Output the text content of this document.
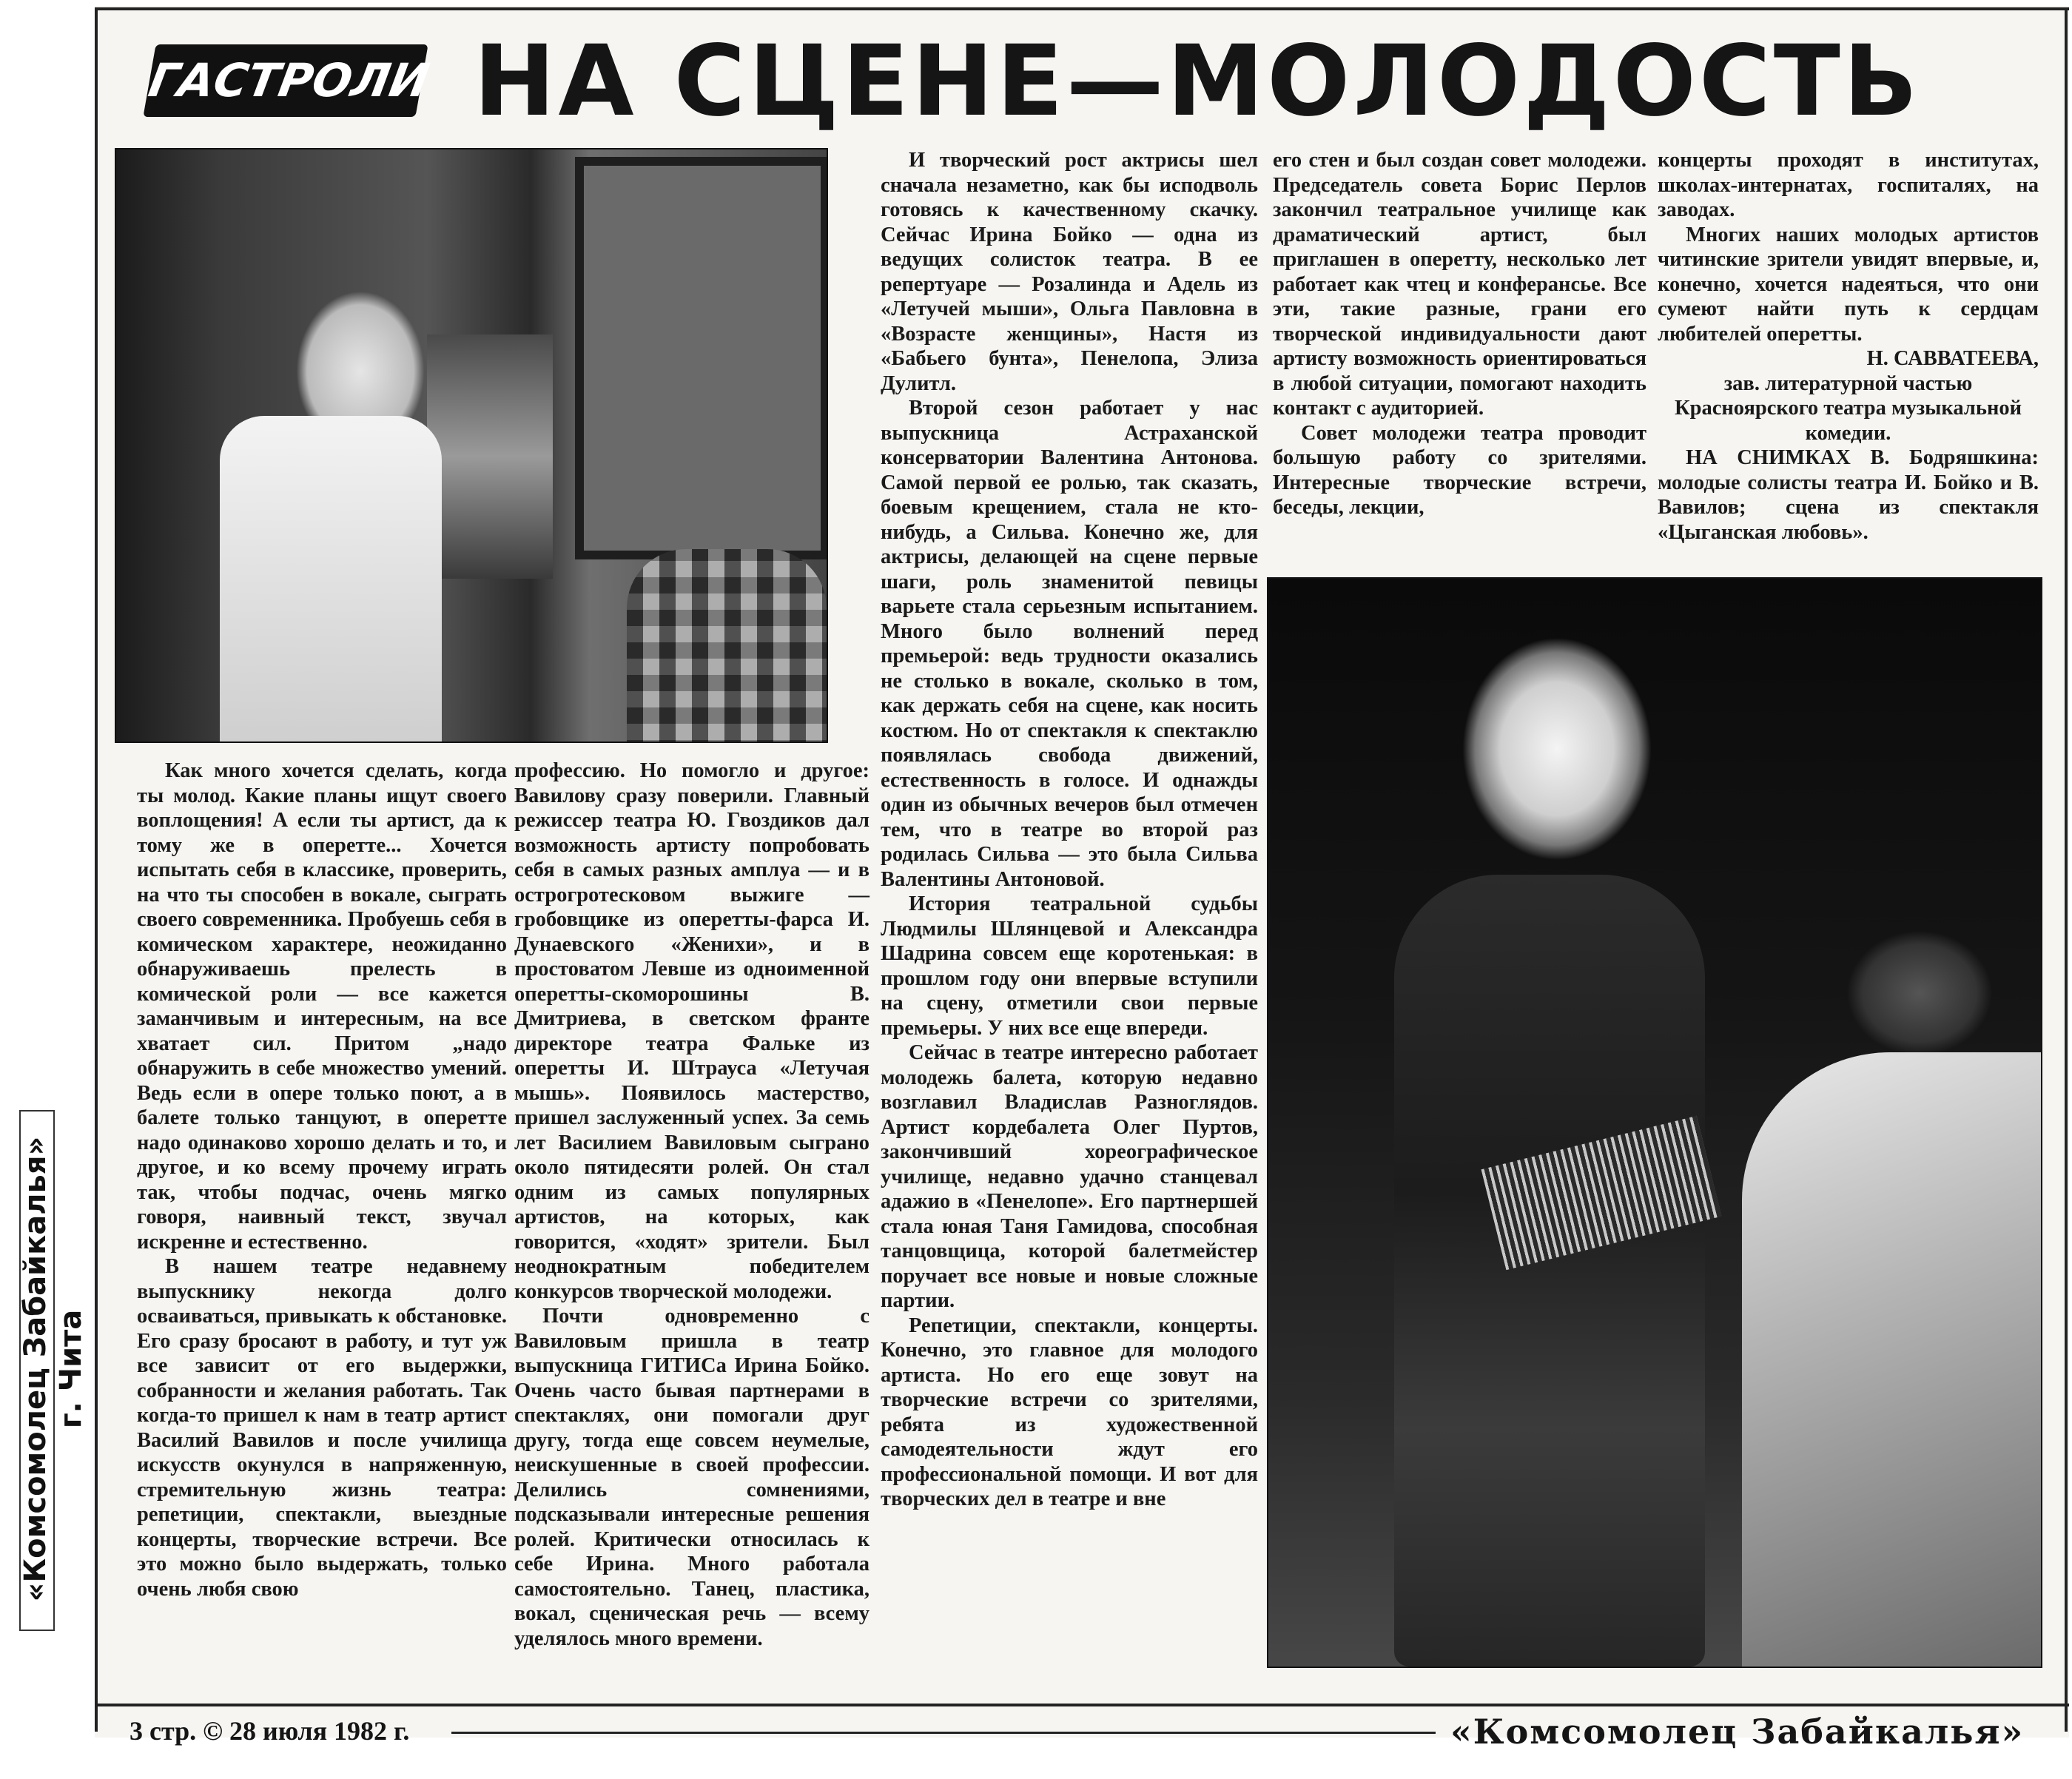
ГАСТРОЛИ НА СЦЕНЕ—МОЛОДОСТЬ

Как много хочется сделать, когда ты молод. Какие планы ищут своего воплощения! А если ты артист, да к тому же в оперетте... Хочется испытать себя в классике, проверить, на что ты способен в вокале, сыграть своего современника. Пробуешь себя в комическом характере, неожиданно обнаруживаешь прелесть в комической роли — все кажется заманчивым и интересным, на все хватает сил. Притом „надо обнаружить в себе множество умений. Ведь если в опере только поют, а в балете только танцуют, в оперетте надо одинаково хорошо делать и то, и другое, и ко всему прочему играть так, чтобы подчас, очень мягко говоря, наивный текст, звучал искренне и естественно.

В нашем театре недавнему выпускнику некогда долго осваиваться, привыкать к обстановке. Его сразу бросают в работу, и тут уж все зависит от его выдержки, собранности и желания работать. Так когда-то пришел к нам в театр артист Василий Вавилов и после училища искусств окунулся в напряженную, стремительную жизнь театра: репетиции, спектакли, выездные концерты, творческие встречи. Все это можно было выдержать, только очень любя свою

профессию. Но помогло и другое: Вавилову сразу поверили. Главный режиссер театра Ю. Гвоздиков дал возможность артисту попробовать себя в самых разных амплуа — и в острогротесковом выжиге — гробовщике из оперетты-фарса И. Дунаевского «Женихи», и в простоватом Левше из одноименной оперетты-скоморошины В. Дмитриева, в светском франте директоре театра Фальке из оперетты И. Штрауса «Летучая мышь». Появилось мастерство, пришел заслуженный успех. За семь лет Василием Вавиловым сыграно около пятидесяти ролей. Он стал одним из самых популярных артистов, на которых, как говорится, «ходят» зрители. Был неоднократным победителем конкурсов творческой молодежи.

Почти одновременно с Вавиловым пришла в театр выпускница ГИТИСа Ирина Бойко. Очень часто бывая партнерами в спектаклях, они помогали друг другу, тогда еще совсем неумелые, неискушенные в своей профессии. Делились сомнениями, подсказывали интересные решения ролей. Критически относилась к себе Ирина. Много работала самостоятельно. Танец, пластика, вокал, сценическая речь — всему уделялось много времени.

И творческий рост актрисы шел сначала незаметно, как бы исподволь готовясь к качественному скачку. Сейчас Ирина Бойко — одна из ведущих солисток театра. В ее репертуаре — Розалинда и Адель из «Летучей мыши», Ольга Павловна в «Возрасте женщины», Настя из «Бабьего бунта», Пенелопа, Элиза Дулитл.

Второй сезон работает у нас выпускница Астраханской консерватории Валентина Антонова. Самой первой ее ролью, так сказать, боевым крещением, стала не кто-нибудь, а Сильва. Конечно же, для актрисы, делающей на сцене первые шаги, роль знаменитой певицы варьете стала серьезным испытанием. Много было волнений перед премьерой: ведь трудности оказались не столько в вокале, сколько в том, как держать себя на сцене, как носить костюм. Но от спектакля к спектаклю появлялась свобода движений, естественность в голосе. И однажды один из обычных вечеров был отмечен тем, что в театре во второй раз родилась Сильва — это была Сильва Валентины Антоновой.

История театральной судьбы Людмилы Шлянцевой и Александра Шадрина совсем еще коротенькая: в прошлом году они впервые вступили на сцену, отметили свои первые премьеры. У них все еще впереди.

Сейчас в театре интересно работает молодежь балета, которую недавно возглавил Владислав Разноглядов. Артист кордебалета Олег Пуртов, закончивший хореографическое училище, недавно удачно станцевал адажио в «Пенелопе». Его партнершей стала юная Таня Гамидова, способная танцовщица, которой балетмейстер поручает все новые и новые сложные партии.

Репетиции, спектакли, концерты. Конечно, это главное для молодого артиста. Но его еще зовут на творческие встречи со зрителями, ребята из художественной самодеятельности ждут его профессиональной помощи. И вот для творческих дел в театре и вне

его стен и был создан совет молодежи. Председатель совета Борис Перлов закончил театральное училище как драматический артист, был приглашен в оперетту, несколько лет работает как чтец и конферансье. Все эти, такие разные, грани его творческой индивидуальности дают артисту возможность ориентироваться в любой ситуации, помогают находить контакт с аудиторией.

Совет молодежи театра проводит большую работу со зрителями. Интересные творческие встречи, беседы, лекции,

концерты проходят в институтах, школах-интернатах, госпиталях, на заводах.

Многих наших молодых артистов читинские зрители увидят впервые, и, конечно, хочется надеяться, что они сумеют найти путь к сердцам любителей оперетты.

Н. САВВАТЕЕВА,

зав. литературной частью Красноярского театра музыкальной комедии.

НА СНИМКАХ В. Бодряшкина: молодые солисты театра И. Бойко и В. Вавилов; сцена из спектакля «Цыганская любовь».

«Комсомолец Забайкалья» г. Чита
3 стр. © 28 июля 1982 г.	«Комсомолец Забайкалья»
